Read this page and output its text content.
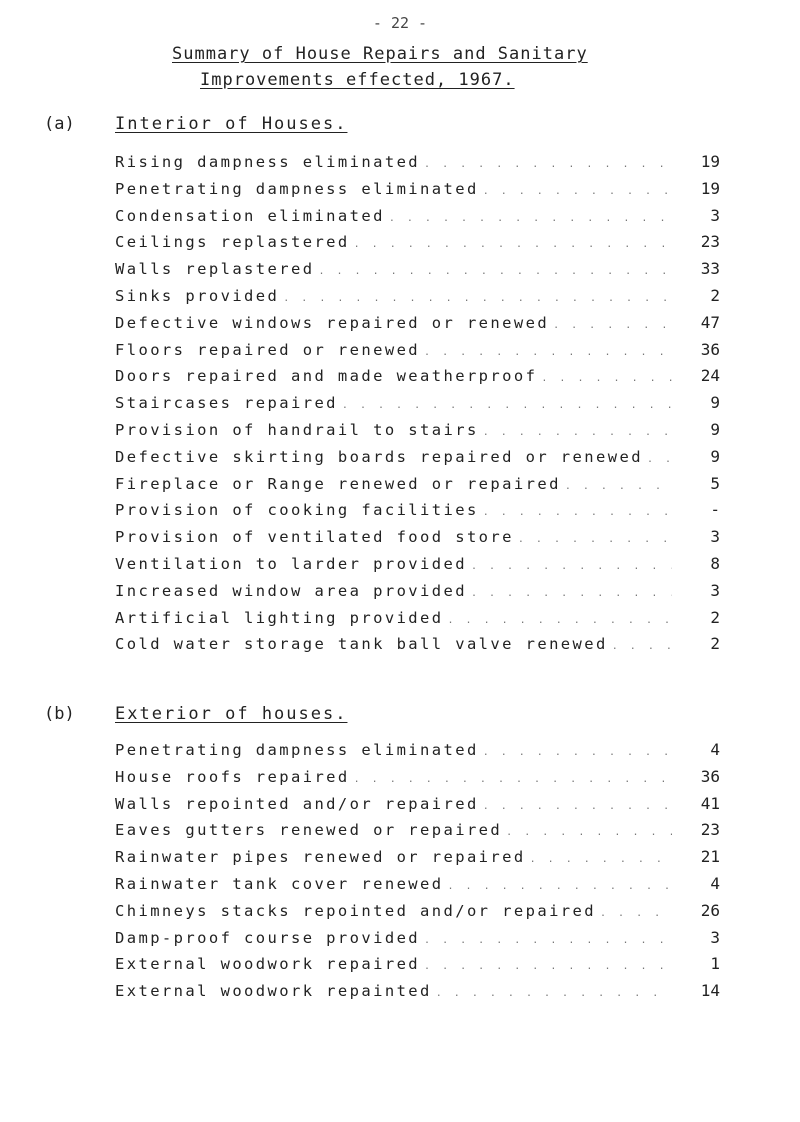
- 22 -
Summary of House Repairs and Sanitary
Improvements effected, 1967.
(a) Interior of Houses.
Rising dampness eliminated . . .	19
Penetrating dampness eliminated . . .	19
Condensation eliminated . . .	3
Ceilings replastered . . .	23
Walls replastered . . .	33
Sinks provided . . .	2
Defective windows repaired or renewed . . .	47
Floors repaired or renewed . . .	36
Doors repaired and made weatherproof . . .	24
Staircases repaired . . .	9
Provision of handrail to stairs . . .	9
Defective skirting boards repaired or renewed . . .	9
Fireplace or Range renewed or repaired . . .	5
Provision of cooking facilities . . .	-
Provision of ventilated food store . . .	3
Ventilation to larder provided . . .	8
Increased window area provided . . .	3
Artificial lighting provided . . .	2
Cold water storage tank ball valve renewed . . .	2
(b) Exterior of houses.
Penetrating dampness eliminated . . .	4
House roofs repaired . . .	36
Walls repointed and/or repaired . . .	41
Eaves gutters renewed or repaired . . .	23
Rainwater pipes renewed or repaired . . .	21
Rainwater tank cover renewed . . .	4
Chimneys stacks repointed and/or repaired . . .	26
Damp-proof course provided . . .	3
External woodwork repaired . . .	1
External woodwork repainted . . .	14
